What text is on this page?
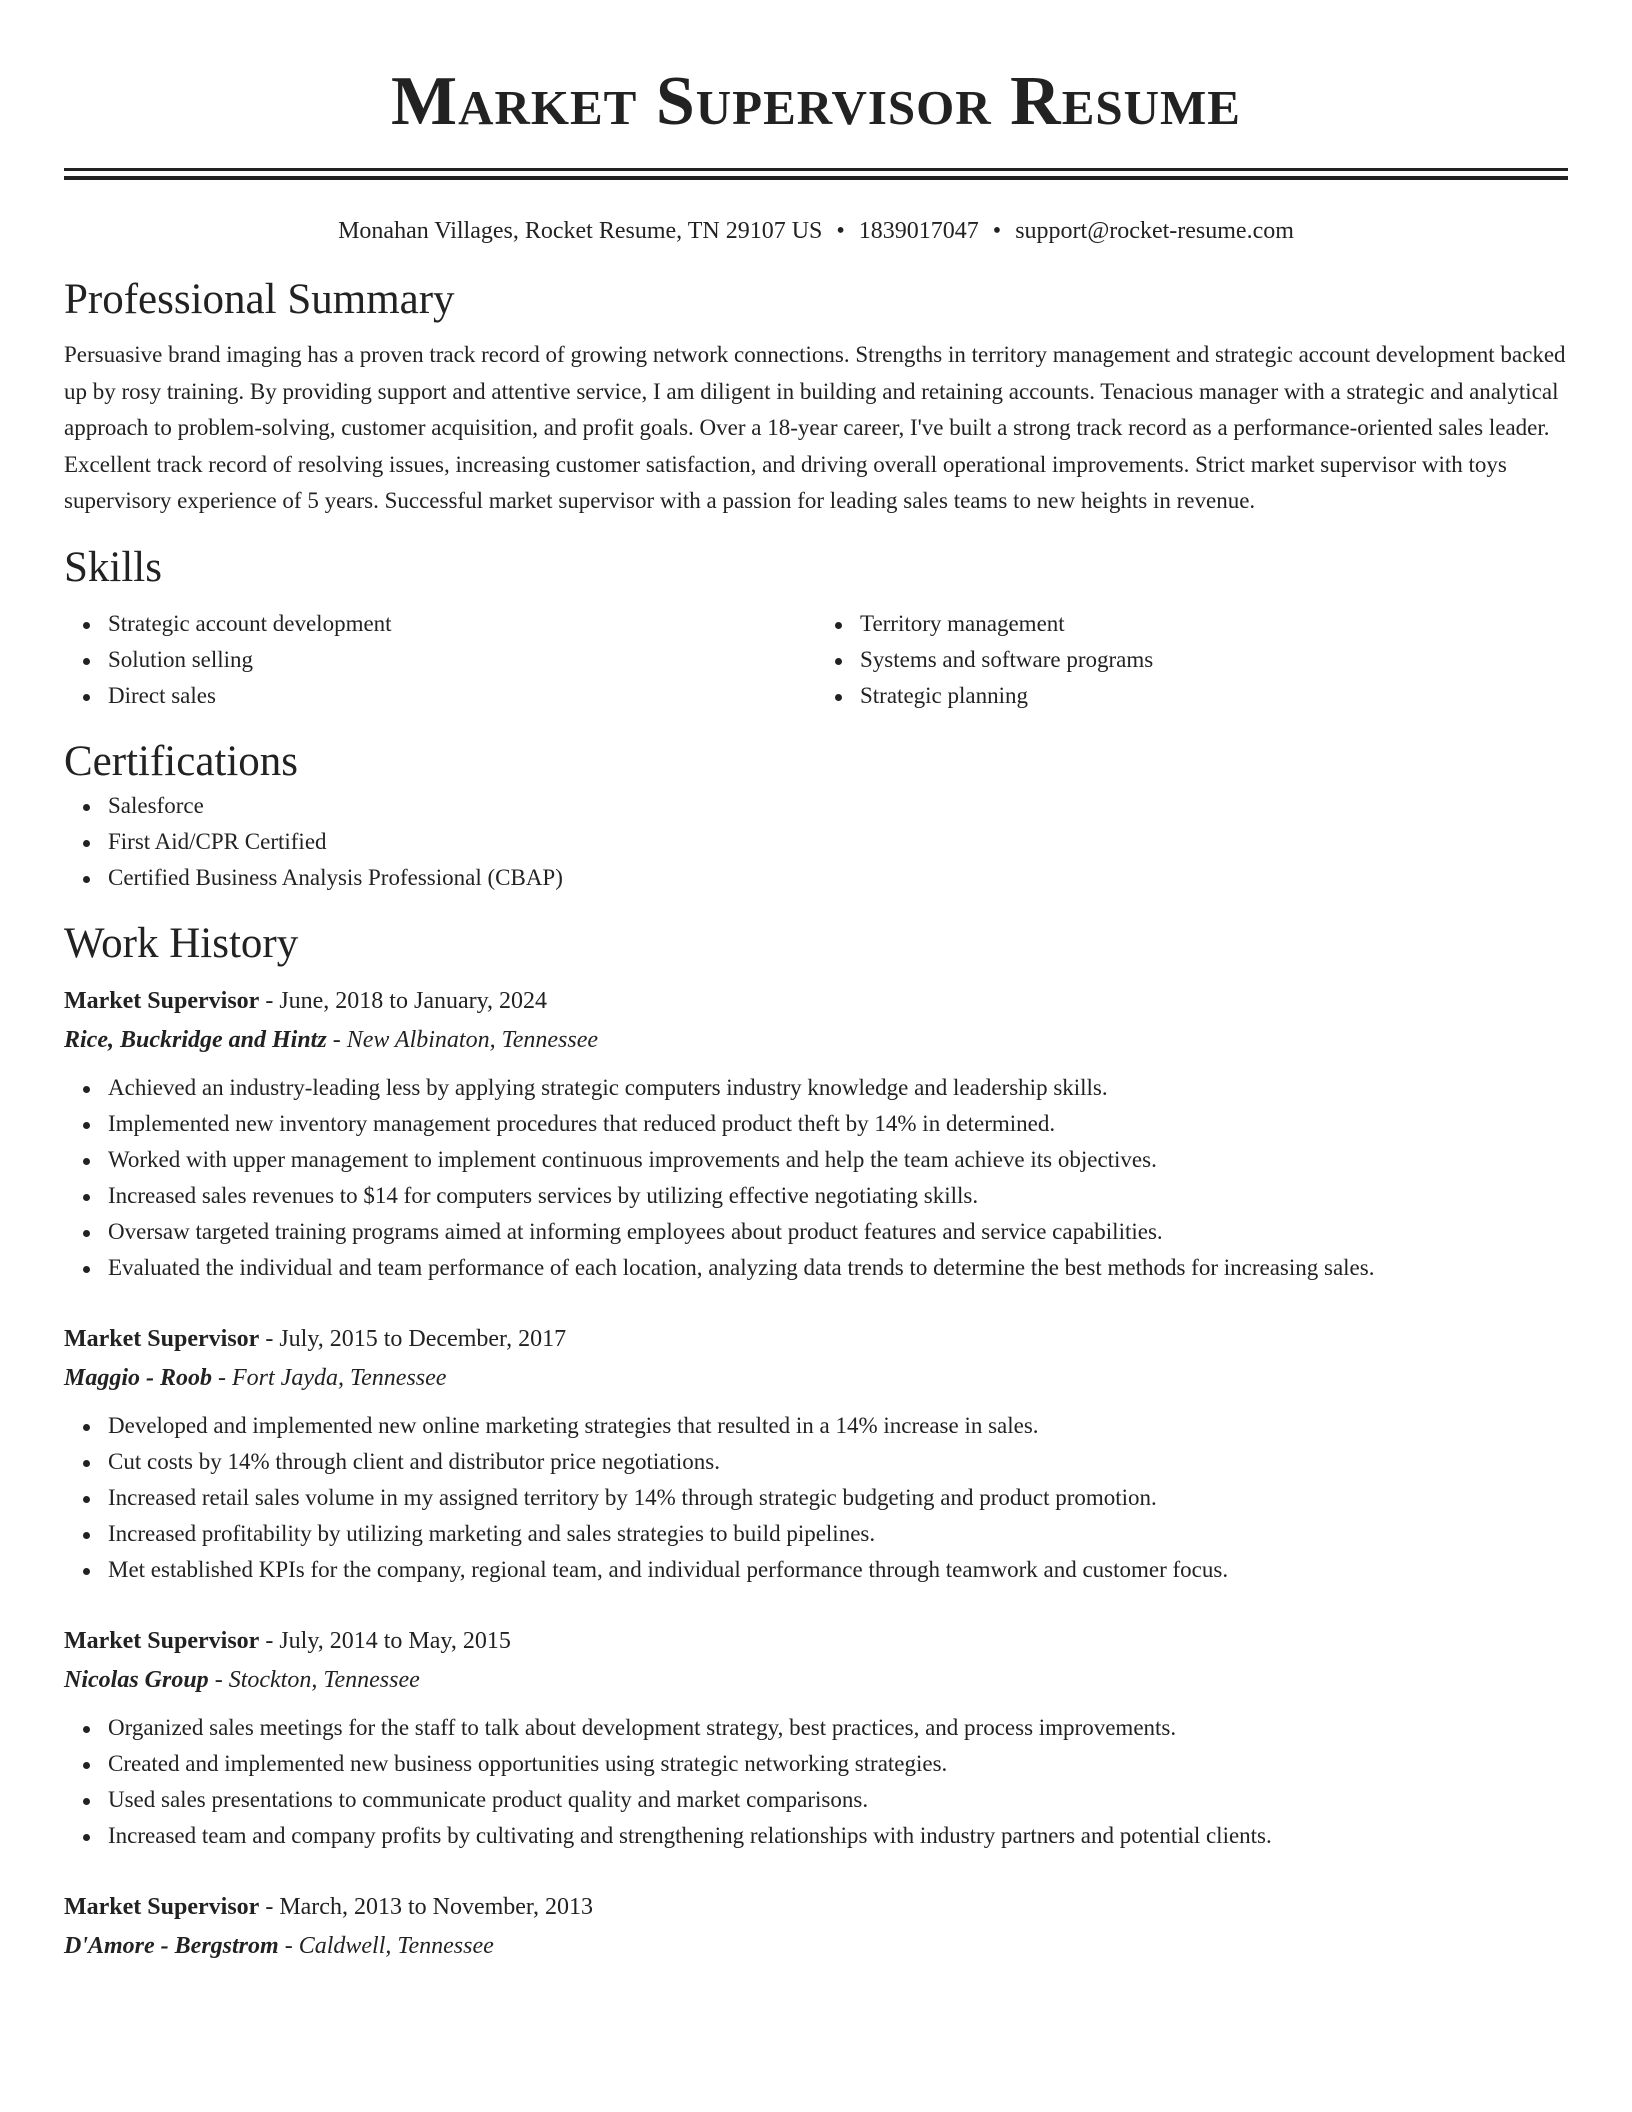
Market Supervisor Resume
Monahan Villages, Rocket Resume, TN 29107 US • 1839017047 • support@rocket-resume.com
Professional Summary

Persuasive brand imaging has a proven track record of growing network connections. Strengths in territory management and strategic account development backed up by rosy training. By providing support and attentive service, I am diligent in building and retaining accounts. Tenacious manager with a strategic and analytical approach to problem-solving, customer acquisition, and profit goals. Over a 18-year career, I've built a strong track record as a performance-oriented sales leader. Excellent track record of resolving issues, increasing customer satisfaction, and driving overall operational improvements. Strict market supervisor with toys supervisory experience of 5 years. Successful market supervisor with a passion for leading sales teams to new heights in revenue.

Skills
Strategic account development
Solution selling
Direct sales
Territory management
Systems and software programs
Strategic planning
Certifications
Salesforce
First Aid/CPR Certified
Certified Business Analysis Professional (CBAP)
Work History
Market Supervisor - June, 2018 to January, 2024
Rice, Buckridge and Hintz - New Albinaton, Tennessee
Achieved an industry-leading less by applying strategic computers industry knowledge and leadership skills.
Implemented new inventory management procedures that reduced product theft by 14% in determined.
Worked with upper management to implement continuous improvements and help the team achieve its objectives.
Increased sales revenues to $14 for computers services by utilizing effective negotiating skills.
Oversaw targeted training programs aimed at informing employees about product features and service capabilities.
Evaluated the individual and team performance of each location, analyzing data trends to determine the best methods for increasing sales.
Market Supervisor - July, 2015 to December, 2017
Maggio - Roob - Fort Jayda, Tennessee
Developed and implemented new online marketing strategies that resulted in a 14% increase in sales.
Cut costs by 14% through client and distributor price negotiations.
Increased retail sales volume in my assigned territory by 14% through strategic budgeting and product promotion.
Increased profitability by utilizing marketing and sales strategies to build pipelines.
Met established KPIs for the company, regional team, and individual performance through teamwork and customer focus.
Market Supervisor - July, 2014 to May, 2015
Nicolas Group - Stockton, Tennessee
Organized sales meetings for the staff to talk about development strategy, best practices, and process improvements.
Created and implemented new business opportunities using strategic networking strategies.
Used sales presentations to communicate product quality and market comparisons.
Increased team and company profits by cultivating and strengthening relationships with industry partners and potential clients.
Market Supervisor - March, 2013 to November, 2013
D'Amore - Bergstrom - Caldwell, Tennessee
